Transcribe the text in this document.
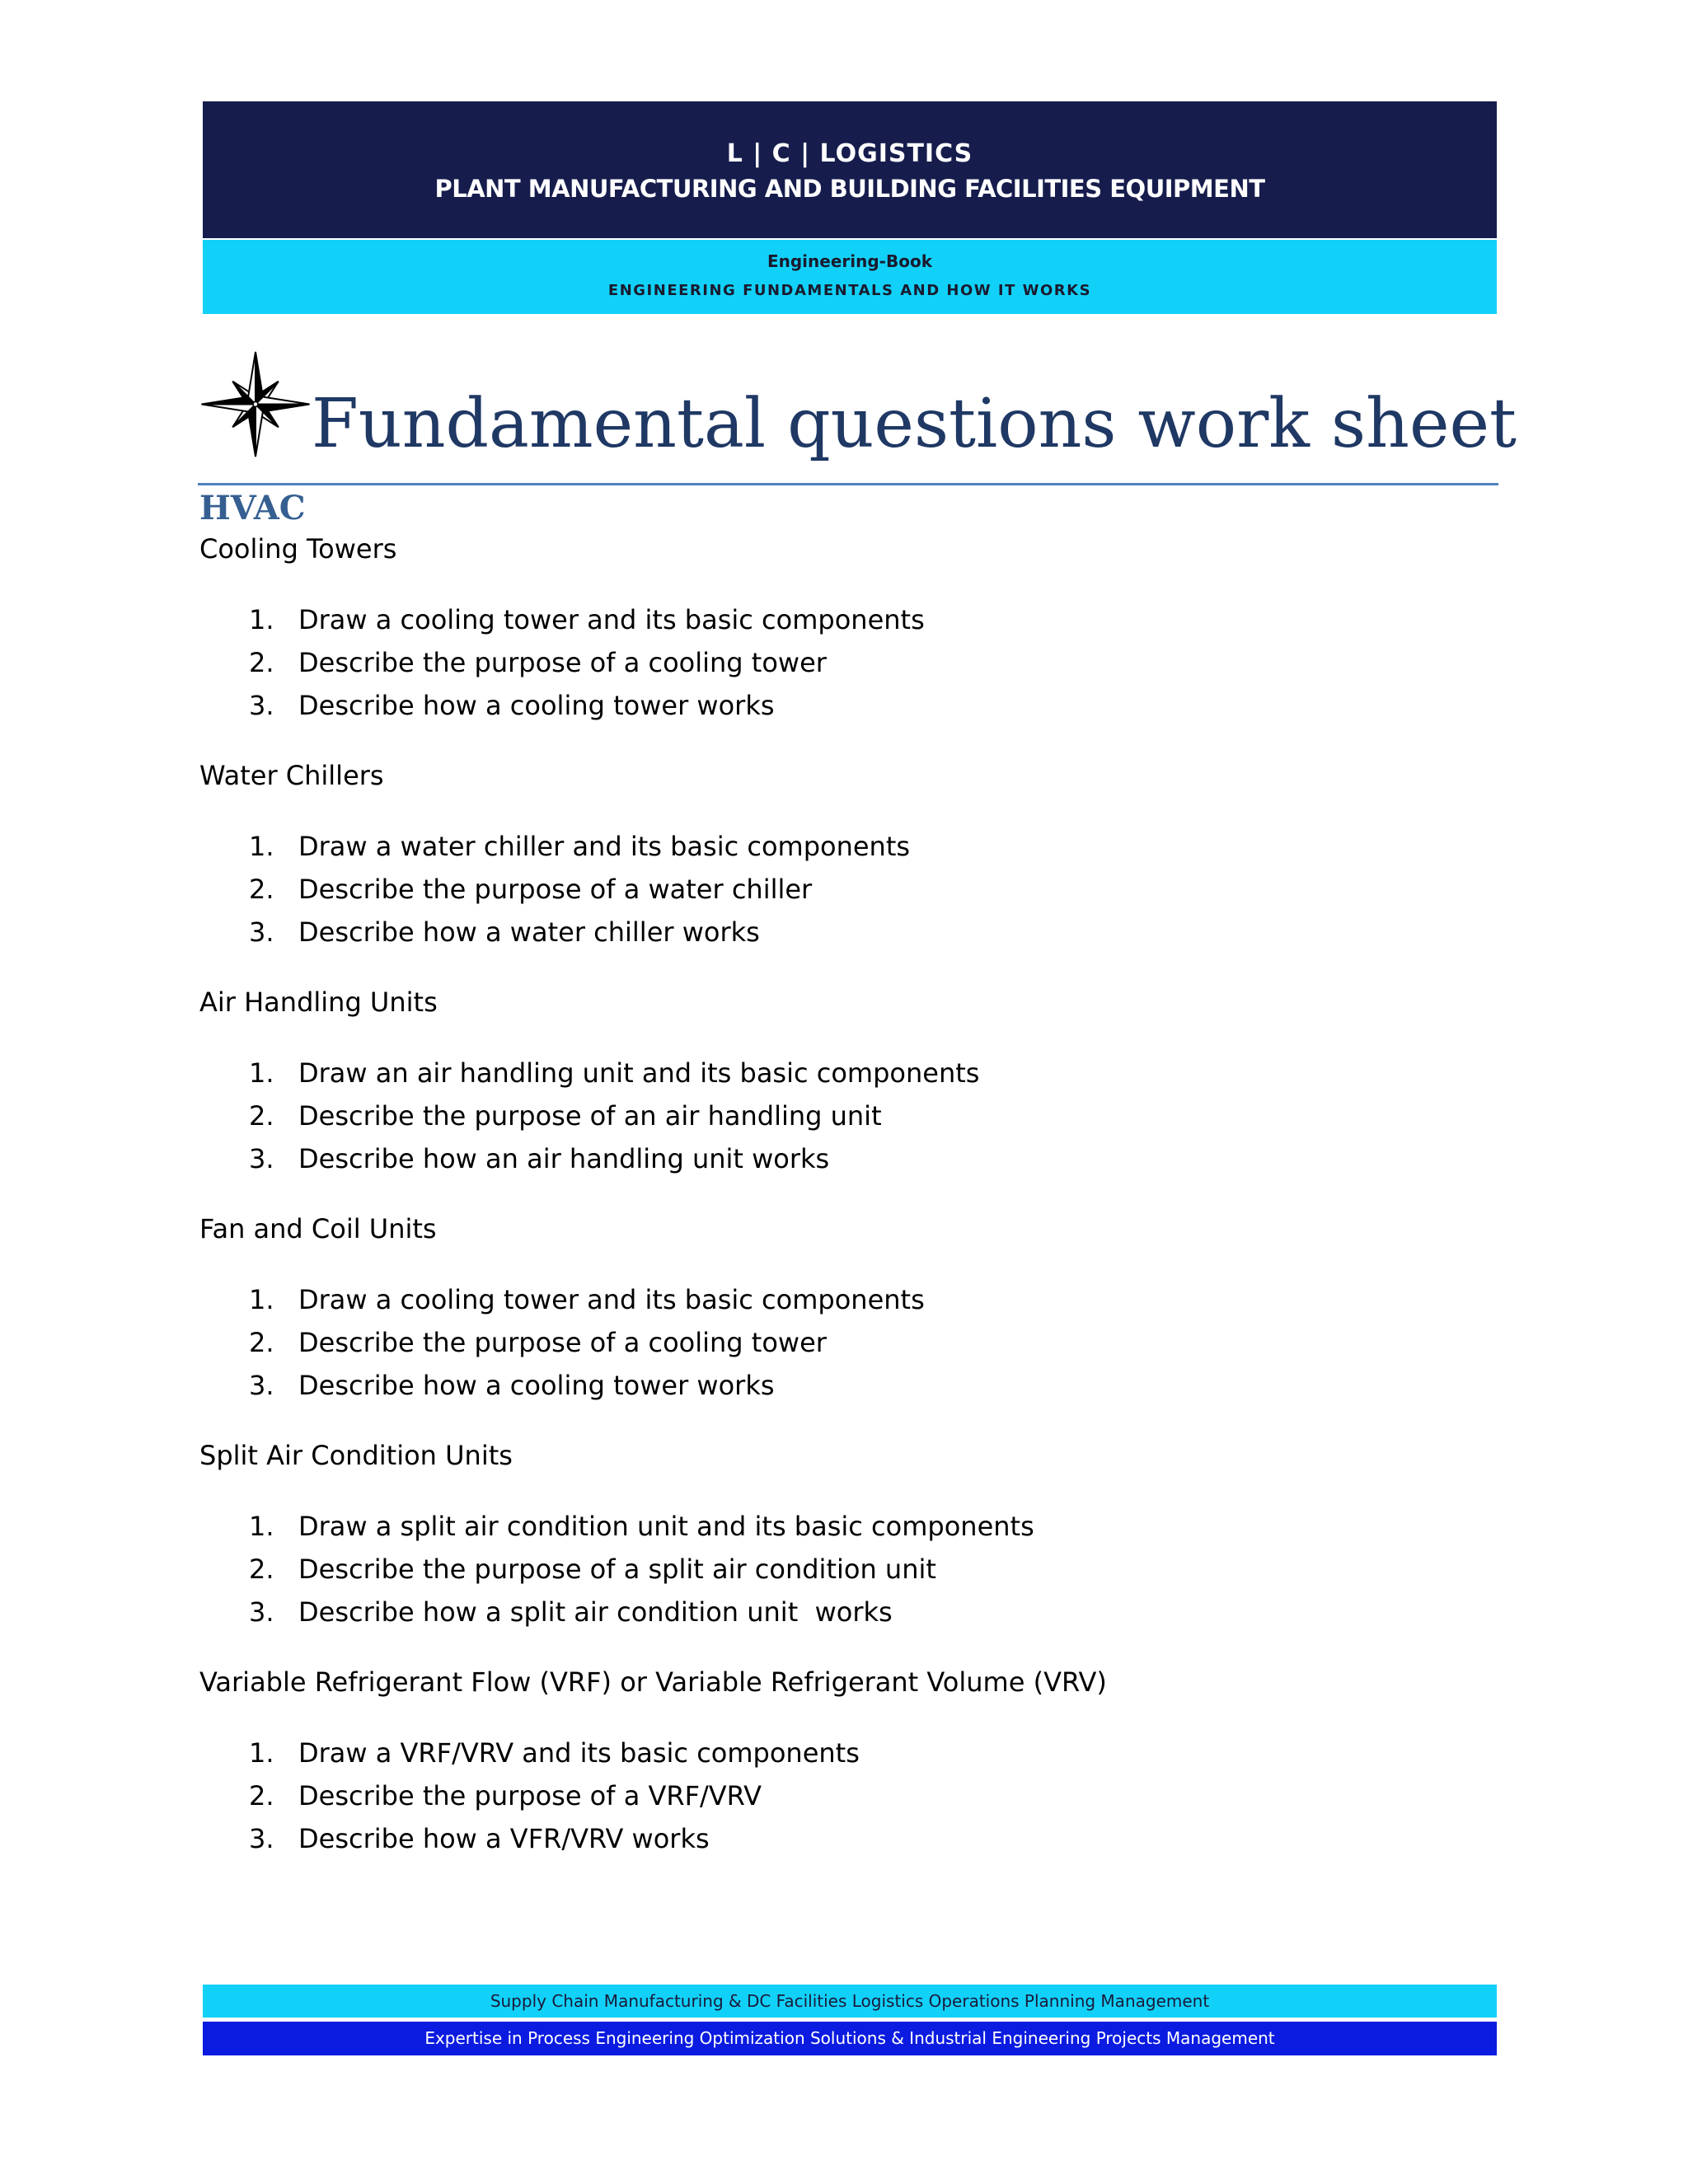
L | C | LOGISTICS
PLANT MANUFACTURING AND BUILDING FACILITIES EQUIPMENT
Engineering-Book
ENGINEERING FUNDAMENTALS AND HOW IT WORKS
Fundamental questions work sheet
HVAC

Cooling Towers

1. Draw a cooling tower and its basic components
2. Describe the purpose of a cooling tower
3. Describe how a cooling tower works

Water Chillers

1. Draw a water chiller and its basic components
2. Describe the purpose of a water chiller
3. Describe how a water chiller works

Air Handling Units

1. Draw an air handling unit and its basic components
2. Describe the purpose of an air handling unit
3. Describe how an air handling unit works

Fan and Coil Units

1. Draw a cooling tower and its basic components
2. Describe the purpose of a cooling tower
3. Describe how a cooling tower works

Split Air Condition Units

1. Draw a split air condition unit and its basic components
2. Describe the purpose of a split air condition unit
3. Describe how a split air condition unit  works

Variable Refrigerant Flow (VRF) or Variable Refrigerant Volume (VRV)

1. Draw a VRF/VRV and its basic components
2. Describe the purpose of a VRF/VRV
3. Describe how a VFR/VRV works
Supply Chain Manufacturing & DC Facilities Logistics Operations Planning Management
Expertise in Process Engineering Optimization Solutions & Industrial Engineering Projects Management
